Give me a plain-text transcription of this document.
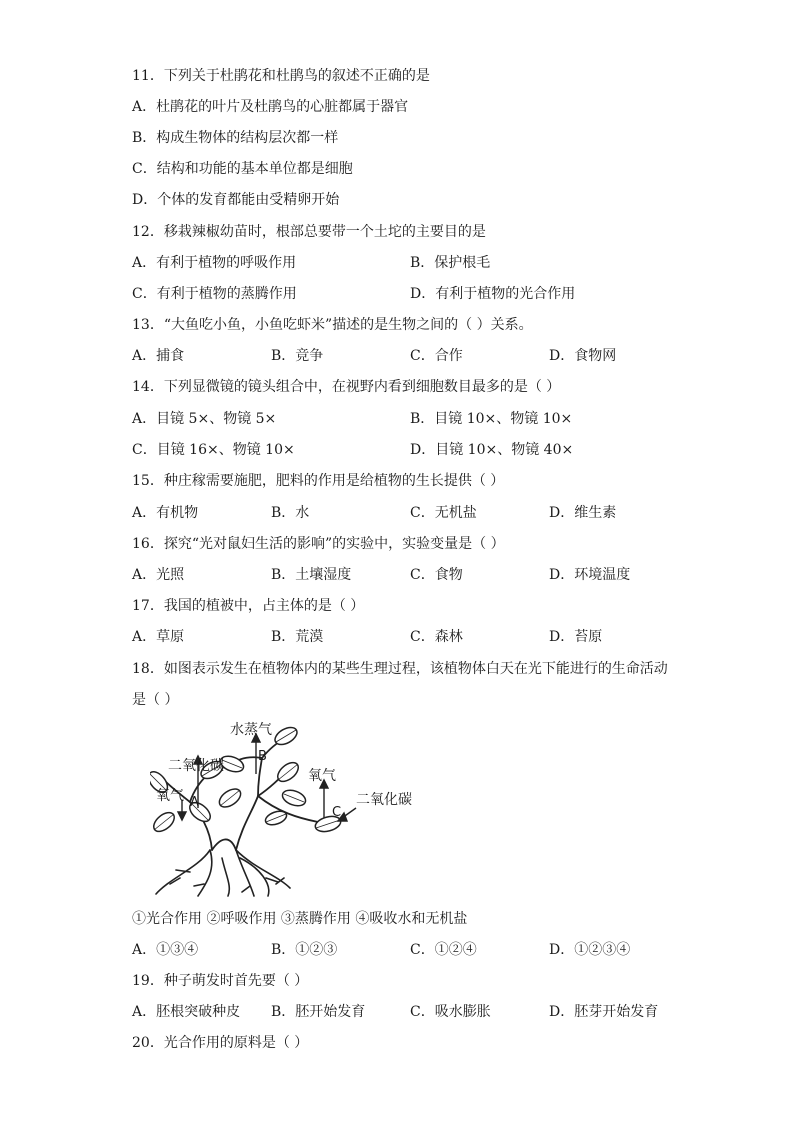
11．下列关于杜鹃花和杜鹃鸟的叙述不正确的是
A．杜鹃花的叶片及杜鹃鸟的心脏都属于器官
B．构成生物体的结构层次都一样
C．结构和功能的基本单位都是细胞
D．个体的发育都能由受精卵开始
12．移栽辣椒幼苗时，根部总要带一个土坨的主要目的是
A．有利于植物的呼吸作用	B．保护根毛
C．有利于植物的蒸腾作用	D．有利于植物的光合作用
13．“大鱼吃小鱼，小鱼吃虾米”描述的是生物之间的（ ）关系。
A．捕食	B．竞争	C．合作	D．食物网
14．下列显微镜的镜头组合中，在视野内看到细胞数目最多的是（ ）
A．目镜 5×、物镜 5×	B．目镜 10×、物镜 10×
C．目镜 16×、物镜 10×	D．目镜 10×、物镜 40×
15．种庄稼需要施肥，肥料的作用是给植物的生长提供（ ）
A．有机物	B．水	C．无机盐	D．维生素
16．探究“光对鼠妇生活的影响”的实验中，实验变量是（ ）
A．光照	B．土壤湿度	C．食物	D．环境温度
17．我国的植被中，占主体的是（ ）
A．草原	B．荒漠	C．森林	D．苔原
18．如图表示发生在植物体内的某些生理过程，该植物体白天在光下能进行的生命活动
是（ ）
水蒸气
B
二氧化碳
氧气 A
氧气
C
二氧化碳
①光合作用 ②呼吸作用 ③蒸腾作用 ④吸收水和无机盐
A．①③④	B．①②③	C．①②④	D．①②③④
19．种子萌发时首先要（ ）
A．胚根突破种皮 B．胚开始发育	C．吸水膨胀	D．胚芽开始发育
20．光合作用的原料是（ ）
